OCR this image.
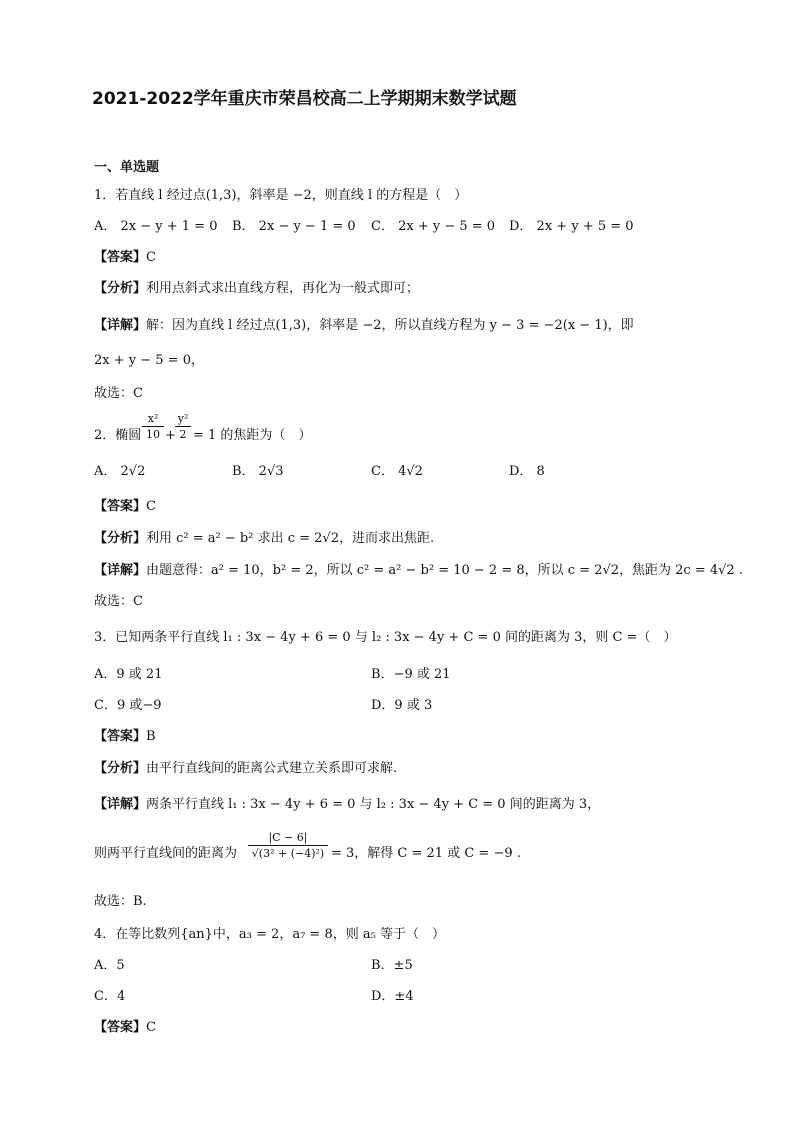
2021-2022学年重庆市荣昌校高二上学期期末数学试题
一、单选题
1．若直线 l 经过点(1,3)，斜率是 −2，则直线 l 的方程是（　）
A． 2x − y + 1 = 0 B． 2x − y − 1 = 0 C． 2x + y − 5 = 0 D． 2x + y + 5 = 0
【答案】C
【分析】利用点斜式求出直线方程，再化为一般式即可；
【详解】解：因为直线 l 经过点(1,3)，斜率是 −2，所以直线方程为 y − 3 = −2(x − 1)，即
2x + y − 5 = 0，
故选：C
2．椭圆
x²
10 +
y²
2 = 1 的焦距为（　）
A． 2√2	B． 2√3	C． 4√2	D． 8
【答案】C
【分析】利用 c² = a² − b² 求出 c = 2√2，进而求出焦距.
【详解】由题意得：a² = 10，b² = 2，所以 c² = a² − b² = 10 − 2 = 8，所以 c = 2√2，焦距为 2c = 4√2 .
故选：C
3．已知两条平行直线 l₁ : 3x − 4y + 6 = 0 与 l₂ : 3x − 4y + C = 0 间的距离为 3，则 C =（　）
A．9 或 21	B．−9 或 21
C．9 或−9	D．9 或 3
【答案】B
【分析】由平行直线间的距离公式建立关系即可求解.
【详解】两条平行直线 l₁ : 3x − 4y + 6 = 0 与 l₂ : 3x − 4y + C = 0 间的距离为 3，
则两平行直线间的距离为
|C − 6|
√(3² + (−4)²) = 3，解得 C = 21 或 C = −9 .
故选：B.
4．在等比数列{an}中，a₃ = 2，a₇ = 8，则 a₅ 等于（　）
A．5	B．±5
C．4	D．±4
【答案】C
